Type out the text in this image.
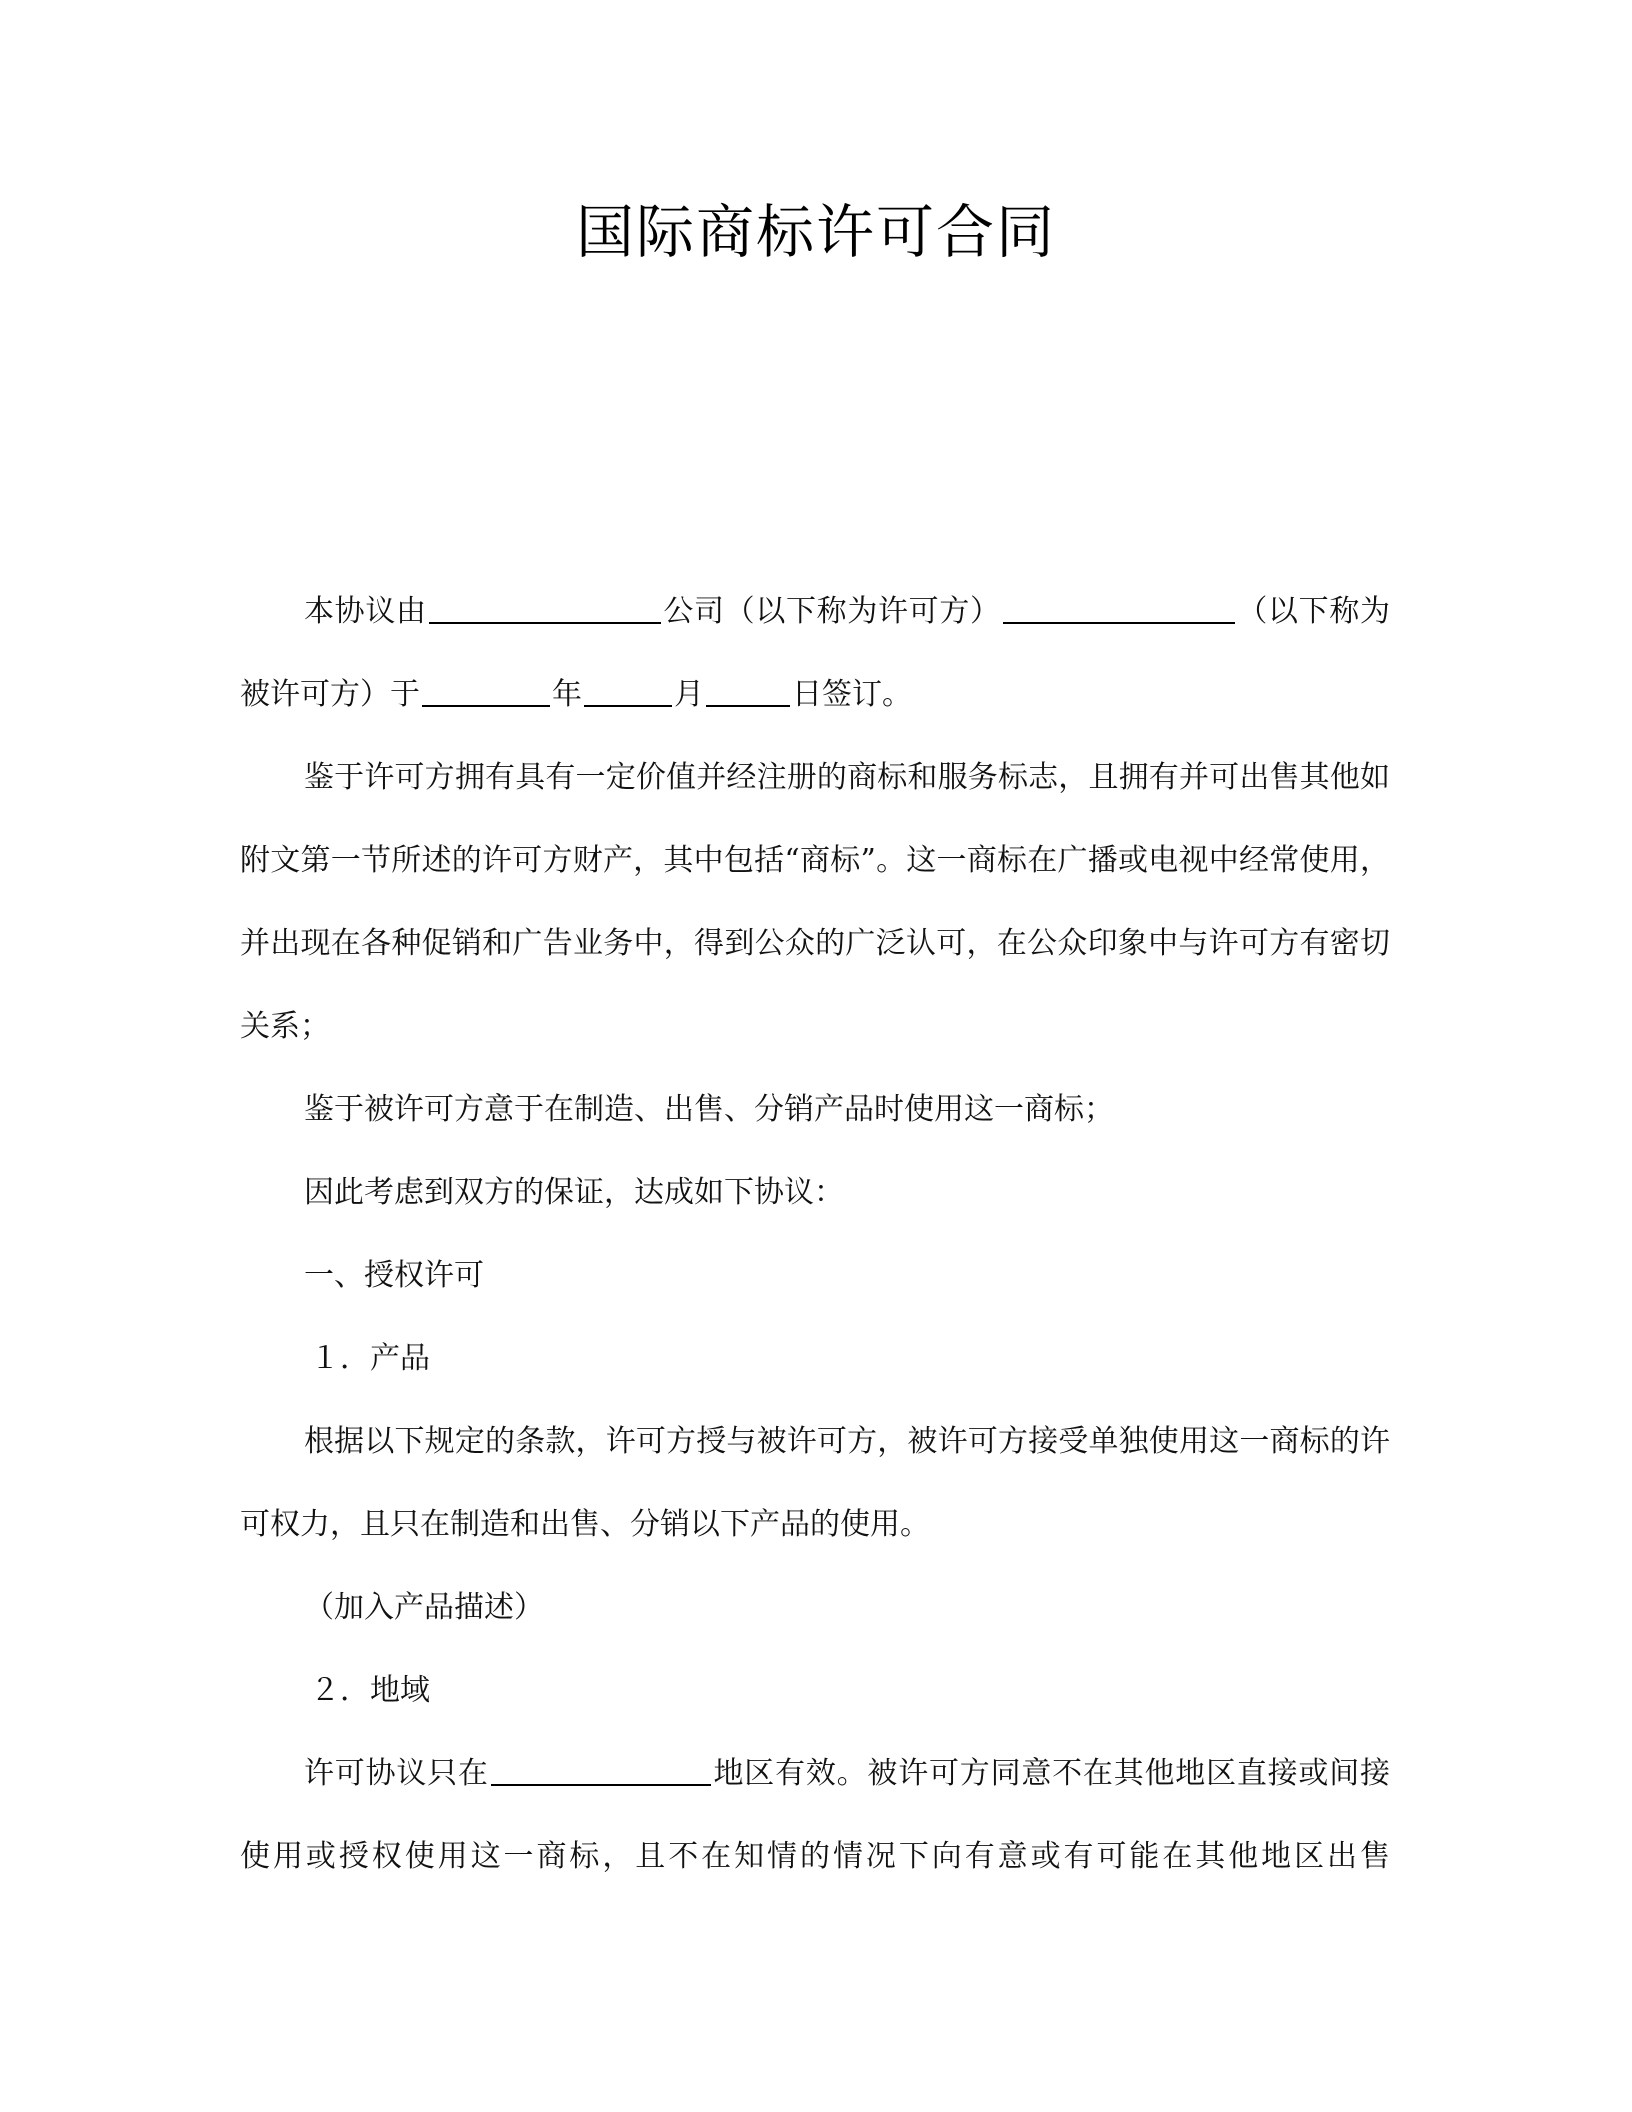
国际商标许可合同

本协议由	公司（以下称为许可方）	（以下称为被许可方）于	年	月	日签订。

鉴于许可方拥有具有一定价值并经注册的商标和服务标志，且拥有并可出售其他如附文第一节所述的许可方财产，其中包括“商标”。这一商标在广播或电视中经常使用，并出现在各种促销和广告业务中，得到公众的广泛认可，在公众印象中与许可方有密切关系；

鉴于被许可方意于在制造、出售、分销产品时使用这一商标；

因此考虑到双方的保证，达成如下协议：

一、授权许可

１．产品

根据以下规定的条款，许可方授与被许可方，被许可方接受单独使用这一商标的许可权力，且只在制造和出售、分销以下产品的使用。

（加入产品描述）

２．地域

许可协议只在	地区有效。被许可方同意不在其他地区直接或间接使用或授权使用这一商标，且不在知情的情况下向有意或有可能在其他地区出售
